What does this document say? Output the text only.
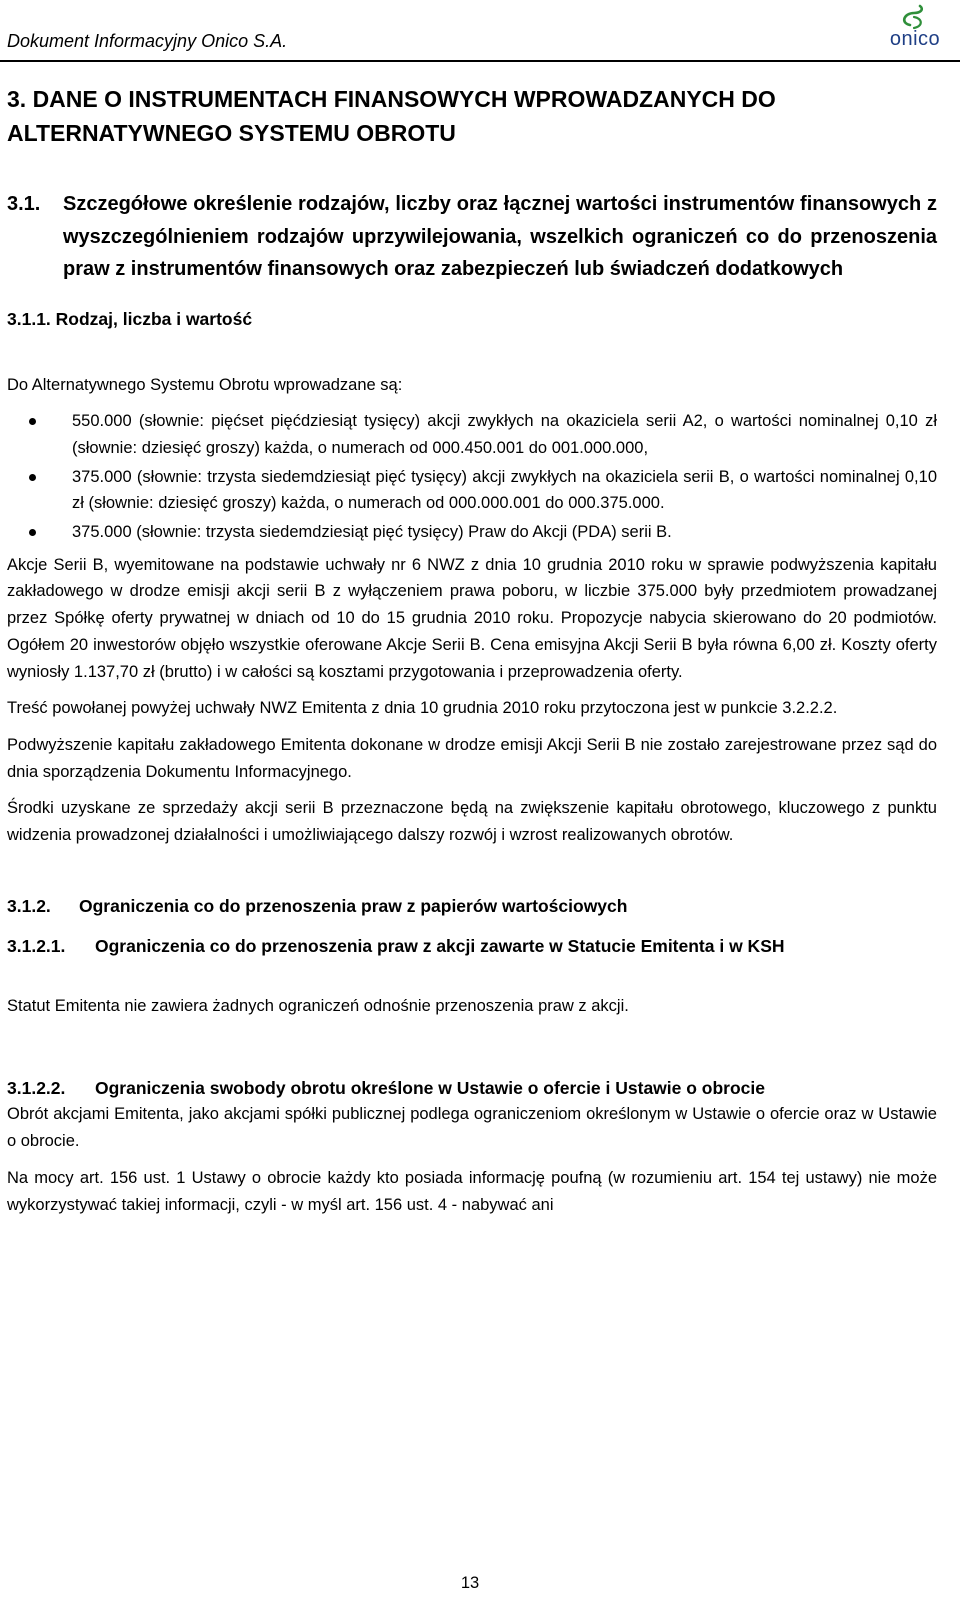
Dokument Informacyjny Onico S.A.	onico
3. DANE O INSTRUMENTACH FINANSOWYCH WPROWADZANYCH DO ALTERNATYWNEGO SYSTEMU OBROTU
3.1.	Szczegółowe określenie rodzajów, liczby oraz łącznej wartości instrumentów finansowych z wyszczególnieniem rodzajów uprzywilejowania, wszelkich ograniczeń co do przenoszenia praw z instrumentów finansowych oraz zabezpieczeń lub świadczeń dodatkowych
3.1.1. Rodzaj, liczba i wartość

Do Alternatywnego Systemu Obrotu wprowadzane są:

550.000 (słownie: pięćset pięćdziesiąt tysięcy) akcji zwykłych na okaziciela serii A2, o wartości nominalnej 0,10 zł (słownie: dziesięć groszy) każda, o numerach od 000.450.001 do 001.000.000,
375.000 (słownie: trzysta siedemdziesiąt pięć tysięcy) akcji zwykłych na okaziciela serii B, o wartości nominalnej 0,10 zł (słownie: dziesięć groszy) każda, o numerach od 000.000.001 do 000.375.000.
375.000 (słownie: trzysta siedemdziesiąt pięć tysięcy) Praw do Akcji (PDA) serii B.

Akcje Serii B, wyemitowane na podstawie uchwały nr 6 NWZ z dnia 10 grudnia 2010 roku w sprawie podwyższenia kapitału zakładowego w drodze emisji akcji serii B z wyłączeniem prawa poboru, w liczbie 375.000 były przedmiotem prowadzanej przez Spółkę oferty prywatnej w dniach od 10 do 15 grudnia 2010 roku. Propozycje nabycia skierowano do 20 podmiotów. Ogółem 20 inwestorów objęło wszystkie oferowane Akcje Serii B. Cena emisyjna Akcji Serii B była równa 6,00 zł. Koszty oferty wyniosły 1.137,70 zł (brutto) i w całości są kosztami przygotowania i przeprowadzenia oferty.

Treść powołanej powyżej uchwały NWZ Emitenta z dnia 10 grudnia 2010 roku przytoczona jest w punkcie 3.2.2.2.

Podwyższenie kapitału zakładowego Emitenta dokonane w drodze emisji Akcji Serii B nie zostało zarejestrowane przez sąd do dnia sporządzenia Dokumentu Informacyjnego.

Środki uzyskane ze sprzedaży akcji serii B przeznaczone będą na zwiększenie kapitału obrotowego, kluczowego z punktu widzenia prowadzonej działalności i umożliwiającego dalszy rozwój i wzrost realizowanych obrotów.

3.1.2.	Ograniczenia co do przenoszenia praw z papierów wartościowych
3.1.2.1.	Ograniczenia co do przenoszenia praw z akcji zawarte w Statucie Emitenta i w KSH

Statut Emitenta nie zawiera żadnych ograniczeń odnośnie przenoszenia praw z akcji.

3.1.2.2.	Ograniczenia swobody obrotu określone w Ustawie o ofercie i Ustawie o obrocie

Obrót akcjami Emitenta, jako akcjami spółki publicznej podlega ograniczeniom określonym w Ustawie o ofercie oraz w Ustawie o obrocie.

Na mocy art. 156 ust. 1 Ustawy o obrocie każdy kto posiada informację poufną (w rozumieniu art. 154 tej ustawy) nie może wykorzystywać takiej informacji, czyli - w myśl art. 156 ust. 4 - nabywać ani

13
